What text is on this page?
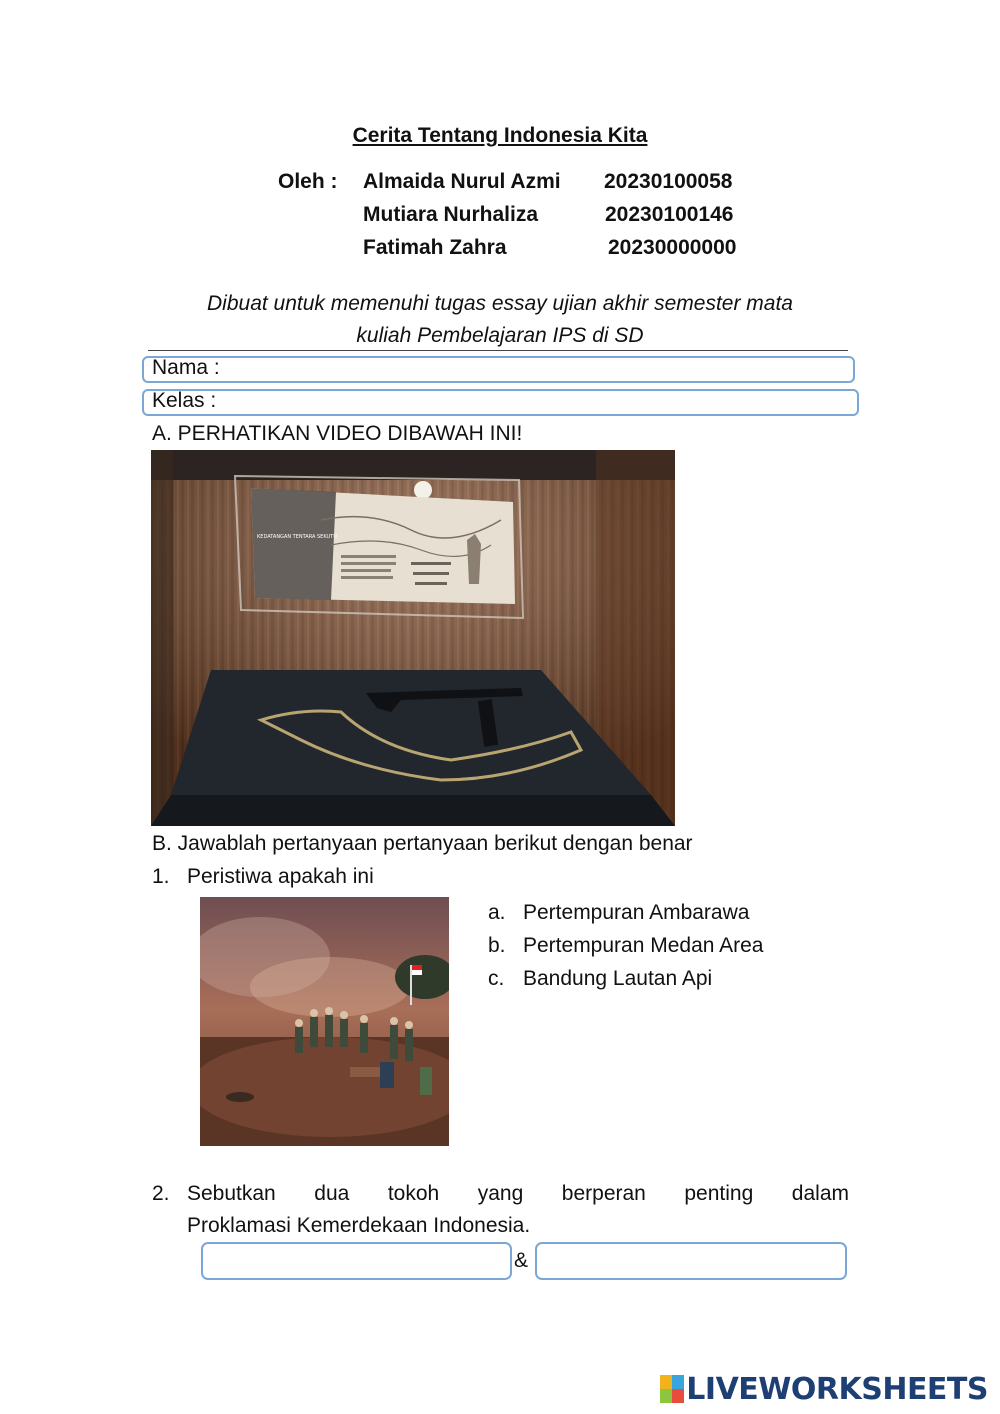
Cerita Tentang Indonesia Kita
Oleh : Almaida Nurul Azmi 20230100058
Mutiara Nurhaliza	20230100146
Fatimah Zahra	20230000000
Dibuat untuk memenuhi tugas essay ujian akhir semester mata
kuliah Pembelajaran IPS di SD
Nama :
Kelas :
A. PERHATIKAN VIDEO DIBAWAH INI!
KEDATANGAN TENTARA SEKUTU
B. Jawablah pertanyaan pertanyaan berikut dengan benar
1. Peristiwa apakah ini
a. Pertempuran Ambarawa
b. Pertempuran Medan Area
c. Bandung Lautan Api
2. Sebutkan dua tokoh yang berperan penting dalam
Proklamasi Kemerdekaan Indonesia.
&
LIVEWORKSHEETS
